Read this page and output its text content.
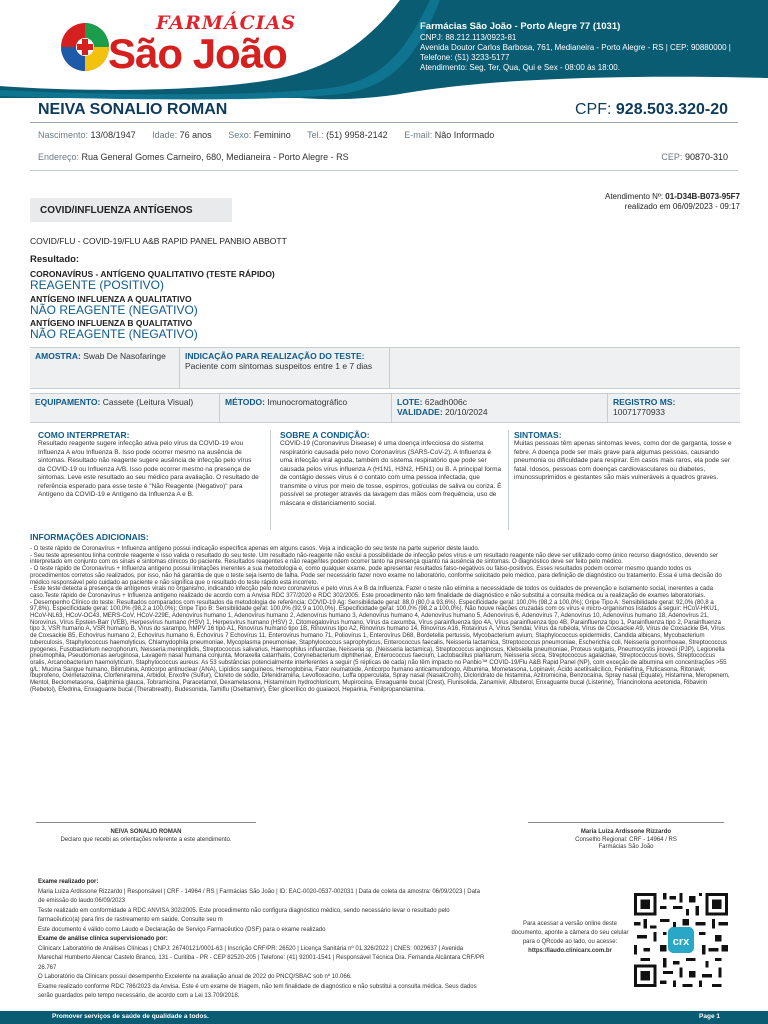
FARMÁCIAS
São João
Farmácias São João - Porto Alegre 77 (1031)
CNPJ: 88.212.113/0923-81
Avenida Doutor Carlos Barbosa, 761, Medianeira - Porto Alegre - RS | CEP: 90880000 | Telefone: (51) 3233-5177
Atendimento: Seg, Ter, Qua, Qui e Sex - 08:00 às 18:00.
NEIVA SONALIO ROMAN	CPF: 928.503.320-20
Nascimento: 13/08/1947 Idade: 76 anos Sexo: Feminino Tel.: (51) 9958-2142 E-mail: Não Informado
Endereço: Rua General Gomes Carneiro, 680, Medianeira - Porto Alegre - RS	CEP: 90870-310
COVID/INFLUENZA ANTÍGENOS
Atendimento Nº: 01-D34B-B073-95F7
realizado em 06/09/2023 - 09:17
COVID/FLU - COVID-19/FLU A&B RAPID PANEL PANBIO ABBOTT
Resultado:
CORONAVÍRUS - ANTÍGENO QUALITATIVO (TESTE RÁPIDO)
REAGENTE (POSITIVO)
ANTÍGENO INFLUENZA A QUALITATIVO
NÃO REAGENTE (NEGATIVO)
ANTÍGENO INFLUENZA B QUALITATIVO
NÃO REAGENTE (NEGATIVO)
AMOSTRA: Swab De Nasofaringe	INDICAÇÃO PARA REALIZAÇÃO DO TESTE:
Paciente com sintomas suspeitos entre 1 e 7 dias
EQUIPAMENTO: Cassete (Leitura Visual)	MÉTODO: Imunocromatográfico	LOTE: 62adh006c
VALIDADE: 20/10/2024
REGISTRO MS:
10071770933
COMO INTERPRETAR:
Resultado reagente sugere infecção ativa pelo vírus da COVID-19 e/ou Influenza A e/ou Influenza B. Isso pode ocorrer mesmo na ausência de sintomas. Resultado não reagente sugere ausência de infecção pelo vírus da COVID-19 ou Influenza A/B. Isso pode ocorrer mesmo na presença de sintomas. Leve este resultado ao seu médico para avaliação. O resultado de referência esperado para esse teste é "Não Reagente (Negativo)" para Antígeno da COVID-19 e Antígeno da Influenza A e B.
SOBRE A CONDIÇÃO:
COVID-19 (Coronavirus Disease) é uma doença infecciosa do sistema respiratório causada pelo novo Coronavírus (SARS-CoV-2). A Influenza é uma infecção viral aguda, também do sistema respiratório que pode ser causada pelos vírus influenza A (H1N1, H3N2, H5N1) ou B. A principal forma de contágio desses vírus é o contato com uma pessoa infectada, que transmite o vírus por meio de tosse, espirros, gotículas de saliva ou coriza. É possível se proteger através da lavagem das mãos com frequência, uso de máscara e distanciamento social.
SINTOMAS:
Muitas pessoas têm apenas sintomas leves, como dor de garganta, tosse e febre. A doença pode ser mais grave para algumas pessoas, causando pneumonia ou dificuldade para respirar. Em casos mais raros, ela pode ser fatal. Idosos, pessoas com doenças cardiovasculares ou diabetes, imunossuprimidos e gestantes são mais vulneráveis a quadros graves.
INFORMAÇÕES ADICIONAIS:

- O teste rápido de Coronavírus + Influenza antígeno possui indicação específica apenas em alguns casos. Veja a indicação do seu teste na parte superior deste laudo.

- Seu teste apresentou linha controle reagente e isso valida o resultado do seu teste. Um resultado não-reagente não exclui a possibilidade de infecção pelos vírus e um resultado reagente não deve ser utilizado como único recurso diagnóstico, devendo ser interpretado em conjunto com os sinais e sintomas clínicos do paciente. Resultados reagentes e não reagentes podem ocorrer tanto na presença quanto na ausência de sintomas. O diagnóstico deve ser feito pelo médico.

- O teste rápido de Coronavírus + Influenza antígeno possui limitações inerentes a sua metodologia e, como qualquer exame, pode apresentar resultados falso-negativos ou falso-positivos. Esses resultados podem ocorrer mesmo quando todos os procedimentos corretos são realizados, por isso, não há garantia de que o teste seja isento de falha. Pode ser necessário fazer novo exame no laboratório, conforme solicitado pelo médico, para definição de diagnóstico ou tratamento. Essa é uma decisão do médico responsável pelo cuidado ao paciente e não significa que o resultado do teste rápido está incorreto.

- Este teste detecta a presença de antígenos virais no organismo, indicando infecção pelo novo coronavírus e pelo vírus A e B da Influenza. Fazer o teste não elimina a necessidade de todos os cuidados de prevenção e isolamento social, inerentes a cada caso.Teste rápido de Coronavírus + Influenza antígeno realizado de acordo com a Anvisa RDC 377/2020 e RDC 302/2005. Este procedimento não tem finalidade de diagnóstico e não substitui a consulta médica ou a realização de exames laboratoriais.

- Desempenho Clínico do teste: Resultados comparados com resultados da metodologia de referência: COVID-19 Ag: Sensibilidade geral: 88,0 (80,0 a 93,6%). Especificidade geral: 100,0% (98,2 a 100,0%); Gripe Tipo A: Sensibilidade geral: 92,0% (80,8 a 97,8%). Especificidade geral: 100,0% (98,2 a 100,0%); Gripe Tipo B: Sensibilidade geral: 100,0% (92,9 a 100,0%). Especificidade geral: 100,0% (98,2 a 100,0%). Não houve reações cruzadas com os vírus e micro-organismos listados a seguir: HCoV-HKU1, HCoV-NL63, HCoV-OC43, MERS-CoV, HCoV-229E, Adenovírus humano 1, Adenovírus humano 2, Adenovírus humano 3, Adenovírus humano 4, Adenovírus humano 5, Adenovírus 6, Adenovírus 7, Adenovírus 10, Adenovírus humano 18, Adenovírus 21, Norovírus, Vírus Epstein-Barr (VEB), Herpesvírus humano (HSV) 1, Herpesvírus humano (HSV) 2, Citomegalovírus humano, Vírus da caxumba, Vírus parainfluenza tipo 4A, Vírus parainfluenza tipo 4B, Parainfluenza tipo 1, Parainfluenza tipo 2, Parainfluenza tipo 3, VSR humano A, VSR humano B, Vírus do sarampo, hMPV 16 tipo A1, Rinovírus humano tipo 1B, Rinovírus tipo A2, Rinovírus humano 14, Rinovírus A16, Rotavírus A, Vírus Sendai, Vírus da rubéola, Vírus de Coxsackie A9, Vírus de Coxsackie B4, Vírus de Coxsackie B5, Echovírus humano 2, Echovírus humano 6, Echovírus 7 Echovírus 11, Enterovírus humano 71, Poliovírus 1, Enterovírus D68, Bordetella pertussis, Mycobacterium avium, Staphylococcus epidermidis, Candida albicans, Mycobacterium tuberculosis, Staphylococcus haemolyticus, Chlamydophila pneumoniae, Mycoplasma pneumoniae, Staphylococcus saprophyticus, Enterococcus faecalis, Neisseria lactamica, Streptococcus pneumoniae, Escherichia coli, Neisseria gonorrhoeae, Streptococcus pyogenes, Fusobacterium necrophorum, Neisseria meningitidis, Streptococcus salivarius, Haemophilus influenzae, Neisseria sp. (Neisseria lactamica), Streptococcus anginosus, Klebsiella pneumoniae, Proteus vulgaris, Pneumocystis jirovecii (PJP), Legionella pneumophila, Pseudomonas aeruginosa, Lavagem nasal humana conjunta, Moraxella catarrhalis, Corynebacterium diphtheriae, Enterococcus faecium, Lactobacillus plantarum, Neisseria sicca, Streptococcus agalactiae, Streptococcus bovis, Streptococcus oralis, Arcanobacterium haemolyticum, Staphylococcus aureus. As 53 substâncias potencialmente interferentes a seguir (5 réplicas de cada) não têm impacto no Panbio™ COVID-19/Flu A&B Rapid Panel (NP), com exceção de albumina em concentrações >55 g/L: Mucina Sangue humano, Bilirrubina, Anticorpo antinuclear (ANA), Lipídios sanguíneos, Hemoglobina, Fator reumatoide, Anticorpo humano anticamundongo, Albumina, Mometasona, Lopinavir, Ácido acetilsalicílico, Fenilefrina, Fluticasona, Ritonavir, Ibuprofeno, Oximetazolina, Clorfeniramina, Arbidol, Enxofre (Sulfur), Cloreto de sódio, Difenidramina, Levofloxacino, Luffa opperculata, Spray nasal (NasalCrom), Dicloridrato de histamina, Azitromicina, Benzocaína, Spray nasal (Equate), Histamina, Meropenem, Mentol, Beclometasona, Galphimia glauca, Tobramicina, Paracetamol, Dexametasona, Histamínum hydrochloricum, Mupirocina, Enxaguante bucal (Crest), Flunisolida, Zanamivir, Albuterol, Enxaguante bucal (Listerine), Triancinolona acetonida, Ribavirin (Rebetol), Efedrina, Enxaguante bucal (Therabreath), Budesonida, Tamiflu (Oseltamivir), Éter glicerílico do guaiacol, Heparina, Fenilpropanolamina.

NEIVA SONALIO ROMAN
Declaro que recebi as orientações referente a este atendimento.
Maria Luiza Ardissone Rizzardo
Conselho Regional: CRF - 14964 / RS
Farmácias São João
Exame realizado por:
Maria Luiza Ardissone Rizzardo | Responsável | CRF - 14964 / RS | Farmácias São João | ID: EAC-0020-0537-002031 | Data de coleta da amostra: 06/09/2023 | Data de emissão do laudo:06/09/2023
Teste realizado em conformidade à RDC ANVISA 302/2005. Este procedimento não configura diagnóstico médico, sendo necessário levar o resultado pelo farmacêutico(a) para fins de rastreamento em saúde. Consulte seu m
Este documento é válido como Laudo e Declaração de Serviço Farmacêutico (DSF) para o exame realizado
Exame de análise clínica supervisionado por:
Clinicarx Laboratório de Análises Clínicas | CNPJ: 26740121/0001-63 | Inscrição CRF/PR: 26520 | Licença Sanitária nº 01.326/2022 | CNES: 0029637 | Avenida Marechal Humberto Alencar Castelo Branco, 131 - Curitiba - PR - CEP 82520-205 | Telefone: (41) 92001-1541 | Responsável Técnica Dra. Fernanda Alcântara CRF/PR 26.767
O Laboratório da Clinicarx possui desempenho Excelente na avaliação anual de 2022 do PNCQ/SBAC sob nº 10.066.
Exame realizado conforme RDC 786/2023 da Anvisa. Este é um exame de triagem, não tem finalidade de diagnóstico e não substitui a consulta médica. Seus dados serão guardados pelo tempo necessário, de acordo com a Lei 13.709/2018.
Para acessar a versão online deste documento, aponte a câmera do seu celular para o QRcode ao lado, ou acesse: https://laudo.clinicarx.com.br
crx
Promover serviços de saúde de qualidade a todos.	Page 1
